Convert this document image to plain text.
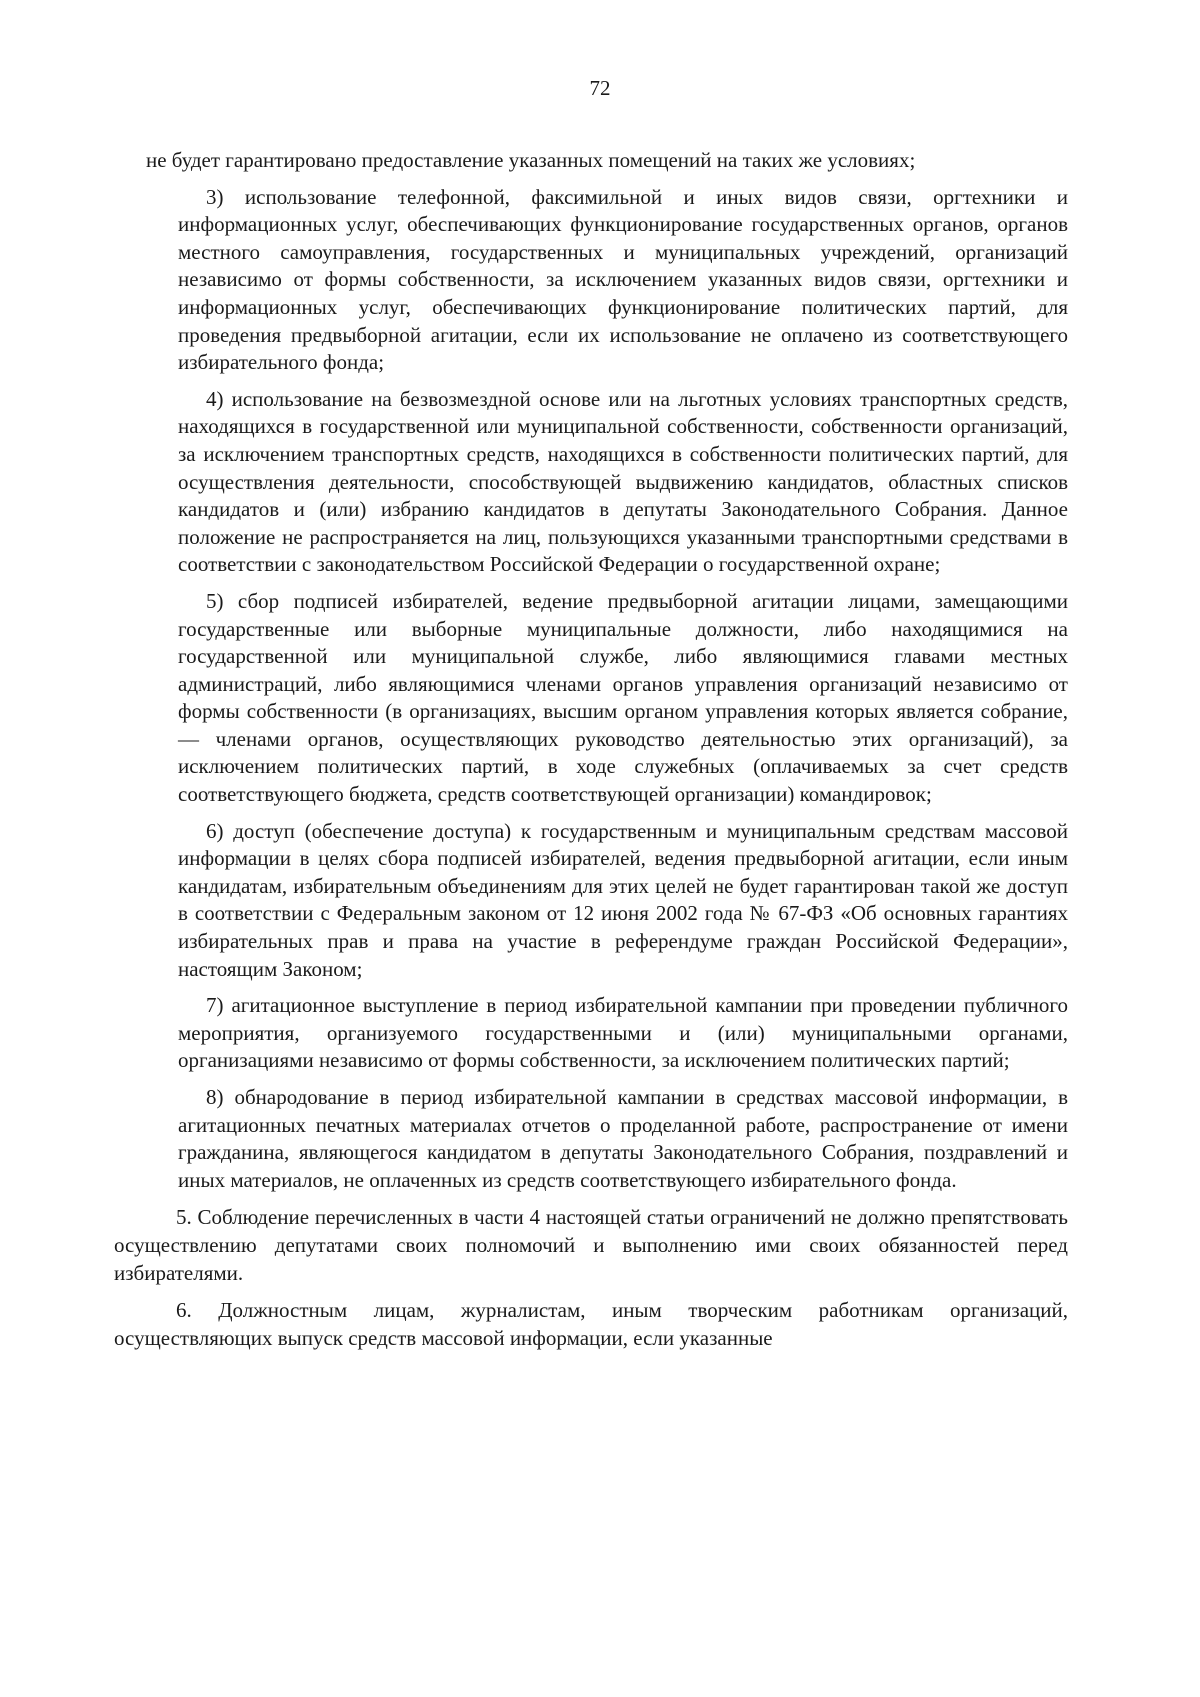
72

не будет гарантировано предоставление указанных помещений на таких же условиях;

3) использование телефонной, факсимильной и иных видов связи, оргтехники и информационных услуг, обеспечивающих функционирование государственных органов, органов местного самоуправления, государственных и муниципальных учреждений, организаций независимо от формы собственности, за исключением указанных видов связи, оргтехники и информационных услуг, обеспечивающих функционирование политических партий, для проведения предвыборной агитации, если их использование не оплачено из соответствующего избирательного фонда;

4) использование на безвозмездной основе или на льготных условиях транспортных средств, находящихся в государственной или муниципальной собственности, собственности организаций, за исключением транспортных средств, находящихся в собственности политических партий, для осуществления деятельности, способствующей выдвижению кандидатов, областных списков кандидатов и (или) избранию кандидатов в депутаты Законодательного Собрания. Данное положение не распространяется на лиц, пользующихся указанными транспортными средствами в соответствии с законодательством Российской Федерации о государственной охране;

5) сбор подписей избирателей, ведение предвыборной агитации лицами, замещающими государственные или выборные муниципальные должности, либо находящимися на государственной или муниципальной службе, либо являющимися главами местных администраций, либо являющимися членами органов управления организаций независимо от формы собственности (в организациях, высшим органом управления которых является собрание, — членами органов, осуществляющих руководство деятельностью этих организаций), за исключением политических партий, в ходе служебных (оплачиваемых за счет средств соответствующего бюджета, средств соответствующей организации) командировок;

6) доступ (обеспечение доступа) к государственным и муниципальным средствам массовой информации в целях сбора подписей избирателей, ведения предвыборной агитации, если иным кандидатам, избирательным объединениям для этих целей не будет гарантирован такой же доступ в соответствии с Федеральным законом от 12 июня 2002 года № 67-ФЗ «Об основных гарантиях избирательных прав и права на участие в референдуме граждан Российской Федерации», настоящим Законом;

7) агитационное выступление в период избирательной кампании при проведении публичного мероприятия, организуемого государственными и (или) муниципальными органами, организациями независимо от формы собственности, за исключением политических партий;

8) обнародование в период избирательной кампании в средствах массовой информации, в агитационных печатных материалах отчетов о проделанной работе, распространение от имени гражданина, являющегося кандидатом в депутаты Законодательного Собрания, поздравлений и иных материалов, не оплаченных из средств соответствующего избирательного фонда.

5. Соблюдение перечисленных в части 4 настоящей статьи ограничений не должно препятствовать осуществлению депутатами своих полномочий и выполнению ими своих обязанностей перед избирателями.

6. Должностным лицам, журналистам, иным творческим работникам организаций, осуществляющих выпуск средств массовой информации, если указанные
